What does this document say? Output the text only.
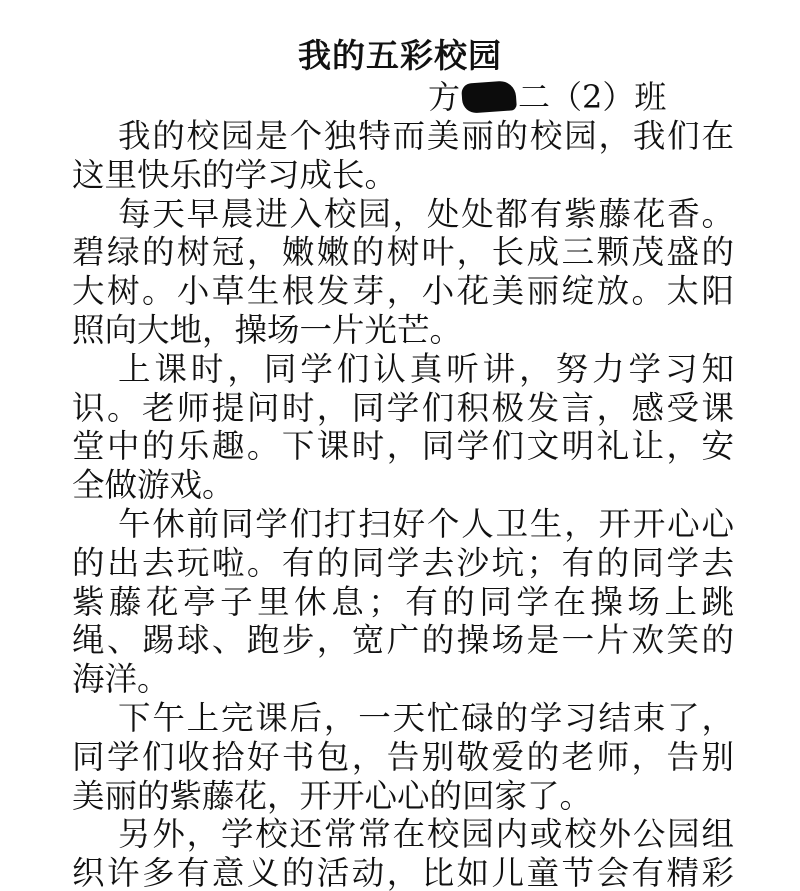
我的五彩校园
方 二（2）班
我的校园是个独特而美丽的校园，我们在
这里快乐的学习成长。
每天早晨进入校园，处处都有紫藤花香。
碧绿的树冠，嫩嫩的树叶，长成三颗茂盛的
大树。小草生根发芽，小花美丽绽放。太阳
照向大地，操场一片光芒。
上课时，同学们认真听讲，努力学习知
识。老师提问时，同学们积极发言，感受课
堂中的乐趣。下课时，同学们文明礼让，安
全做游戏。
午休前同学们打扫好个人卫生，开开心心
的出去玩啦。有的同学去沙坑；有的同学去
紫藤花亭子里休息；有的同学在操场上跳
绳、踢球、跑步，宽广的操场是一片欢笑的
海洋。
下午上完课后，一天忙碌的学习结束了，
同学们收拾好书包，告别敬爱的老师，告别
美丽的紫藤花，开开心心的回家了。
另外，学校还常常在校园内或校外公园组
织许多有意义的活动，比如儿童节会有精彩
